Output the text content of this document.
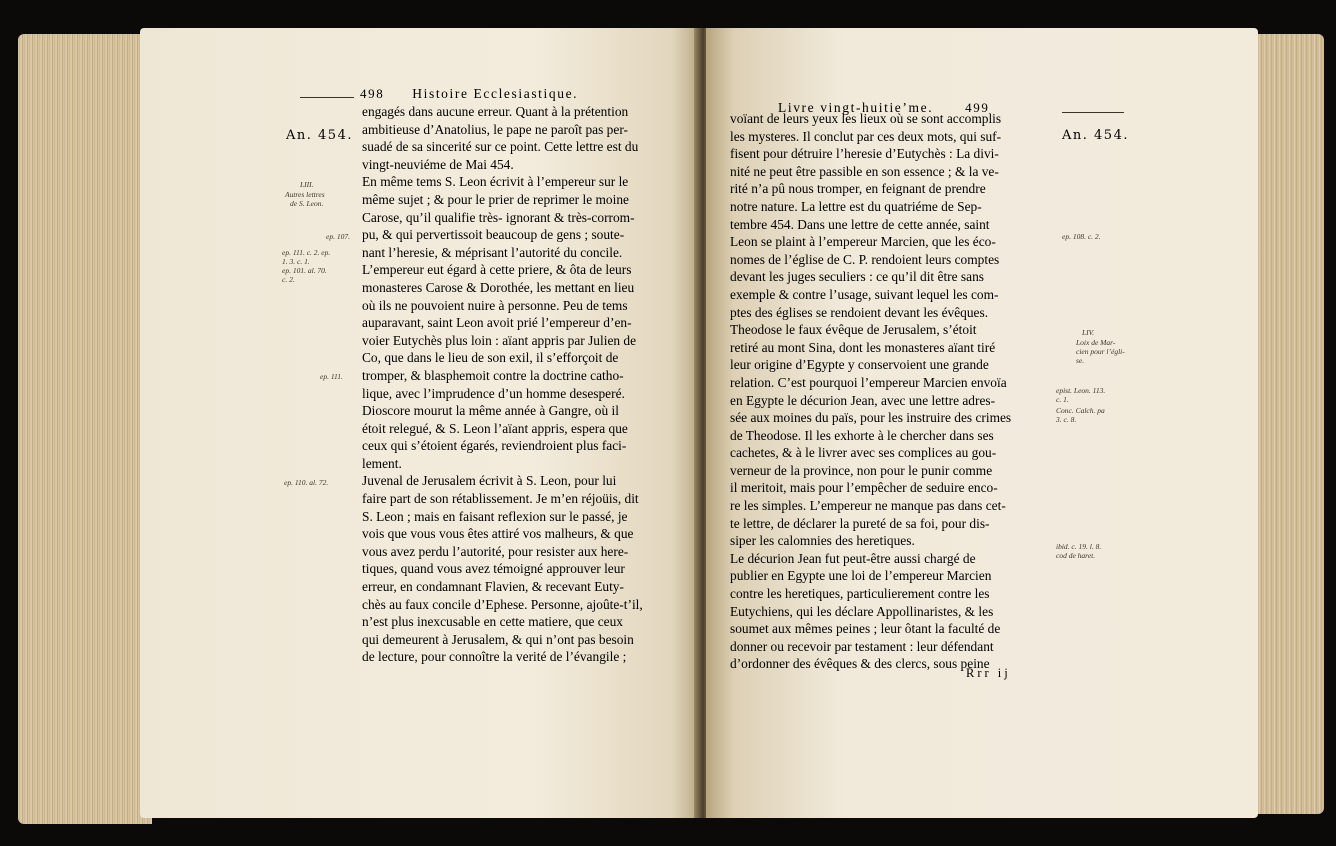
498 Histoire Ecclesiastique.
An. 454.
LIII.
Autres lettres
de S. Leon.
ep. 107.
ep. 111. c. 2. ep.
1. 3. c. 1.
ep. 101. al. 70.
c. 2.
ep. 111.
ep. 110. al. 72.
engagés dans aucune erreur. Quant à la prétention
ambitieuse d’Anatolius, le pape ne paroît pas per-
suadé de sa sincerité sur ce point. Cette lettre est du
vingt-neuviéme de Mai 454.
En même tems S. Leon écrivit à l’empereur sur le
même sujet ; & pour le prier de reprimer le moine
Carose, qu’il qualifie très- ignorant & très-corrom-
pu, & qui pervertissoit beaucoup de gens ; soute-
nant l’heresie, & méprisant l’autorité du concile.
L’empereur eut égard à cette priere, & ôta de leurs
monasteres Carose & Dorothée, les mettant en lieu
où ils ne pouvoient nuire à personne. Peu de tems
auparavant, saint Leon avoit prié l’empereur d’en-
voier Eutychès plus loin : aïant appris par Julien de
Co, que dans le lieu de son exil, il s’efforçoit de
tromper, & blasphemoit contre la doctrine catho-
lique, avec l’imprudence d’un homme desesperé.
Dioscore mourut la même année à Gangre, où il
étoit relegué, & S. Leon l’aïant appris, espera que
ceux qui s’étoient égarés, reviendroient plus faci-
lement.
Juvenal de Jerusalem écrivit à S. Leon, pour lui
faire part de son rétablissement. Je m’en réjoüis, dit
S. Leon ; mais en faisant reflexion sur le passé, je
vois que vous vous êtes attiré vos malheurs, & que
vous avez perdu l’autorité, pour resister aux here-
tiques, quand vous avez témoigné approuver leur
erreur, en condamnant Flavien, & recevant Euty-
chès au faux concile d’Ephese. Personne, ajoûte-t’il,
n’est plus inexcusable en cette matiere, que ceux
qui demeurent à Jerusalem, & qui n’ont pas besoin
de lecture, pour connoître la verité de l’évangile ;
Livre vingt-huitie’me. 499
An. 454.
ep. 108. c. 2.
LIV.
Loix de Mar-
cien pour l’égli-
se.
epist. Leon. 113.
c. 1.
Conc. Calch. pa
3. c. 8.
ibid. c. 19. l. 8.
cod de haret.
voïant de leurs yeux les lieux où se sont accomplis
les mysteres. Il conclut par ces deux mots, qui suf-
fisent pour détruire l’heresie d’Eutychès : La divi-
nité ne peut être passible en son essence ; & la ve-
rité n’a pû nous tromper, en feignant de prendre
notre nature. La lettre est du quatriéme de Sep-
tembre 454. Dans une lettre de cette année, saint
Leon se plaint à l’empereur Marcien, que les éco-
nomes de l’église de C. P. rendoient leurs comptes
devant les juges seculiers : ce qu’il dit être sans
exemple & contre l’usage, suivant lequel les com-
ptes des églises se rendoient devant les évêques.
Theodose le faux évêque de Jerusalem, s’étoit
retiré au mont Sina, dont les monasteres aïant tiré
leur origine d’Egypte y conservoient une grande
relation. C’est pourquoi l’empereur Marcien envoïa
en Egypte le décurion Jean, avec une lettre adres-
sée aux moines du païs, pour les instruire des crimes
de Theodose. Il les exhorte à le chercher dans ses
cachetes, & à le livrer avec ses complices au gou-
verneur de la province, non pour le punir comme
il meritoit, mais pour l’empêcher de seduire enco-
re les simples. L’empereur ne manque pas dans cet-
te lettre, de déclarer la pureté de sa foi, pour dis-
siper les calomnies des heretiques.
Le décurion Jean fut peut-être aussi chargé de
publier en Egypte une loi de l’empereur Marcien
contre les heretiques, particulierement contre les
Eutychiens, qui les déclare Appollinaristes, & les
soumet aux mêmes peines ; leur ôtant la faculté de
donner ou recevoir par testament : leur défendant
d’ordonner des évêques & des clercs, sous peine
Rrr ij
